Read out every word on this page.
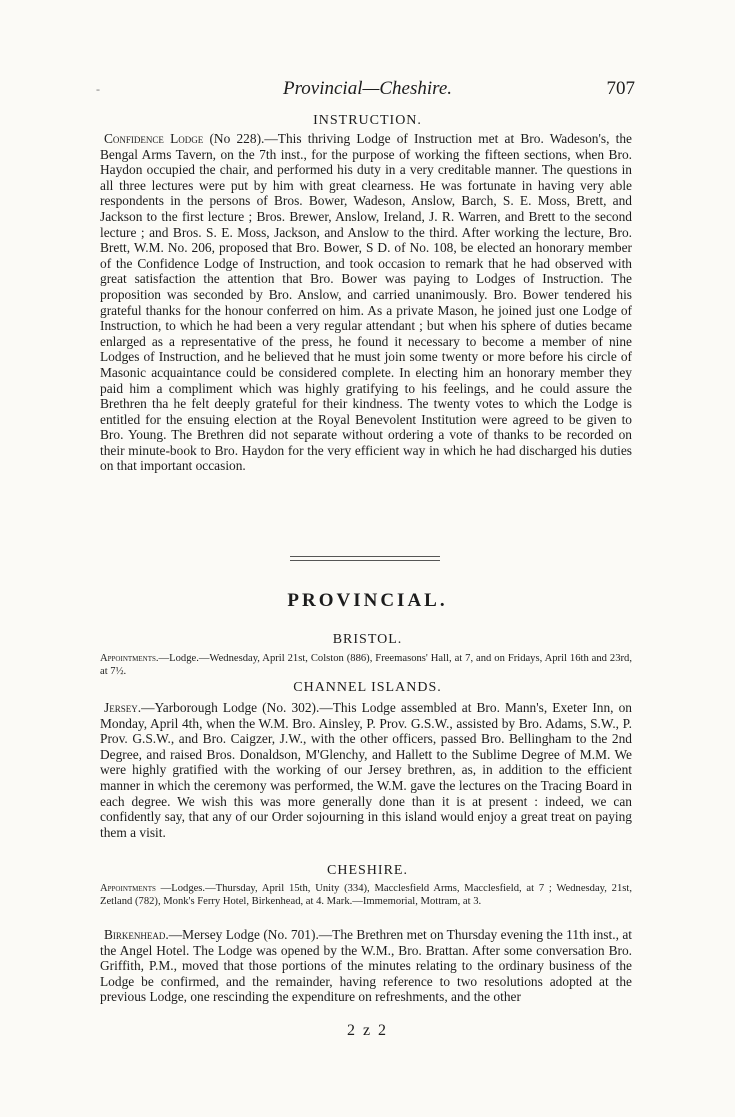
-	Provincial—Cheshire.	707
INSTRUCTION.

Confidence Lodge (No 228).—This thriving Lodge of Instruction met at Bro. Wadeson's, the Bengal Arms Tavern, on the 7th inst., for the purpose of working the fifteen sections, when Bro. Haydon occupied the chair, and performed his duty in a very creditable manner. The questions in all three lectures were put by him with great clearness. He was fortunate in having very able respondents in the persons of Bros. Bower, Wadeson, Anslow, Barch, S. E. Moss, Brett, and Jackson to the first lecture ; Bros. Brewer, Anslow, Ireland, J. R. Warren, and Brett to the second lecture ; and Bros. S. E. Moss, Jackson, and Anslow to the third. After working the lecture, Bro. Brett, W.M. No. 206, proposed that Bro. Bower, S D. of No. 108, be elected an honorary member of the Confidence Lodge of Instruction, and took occasion to remark that he had observed with great satisfaction the attention that Bro. Bower was paying to Lodges of Instruction. The proposition was seconded by Bro. Anslow, and carried unanimously. Bro. Bower tendered his grateful thanks for the honour conferred on him. As a private Mason, he joined just one Lodge of Instruction, to which he had been a very regular attendant ; but when his sphere of duties became enlarged as a representative of the press, he found it necessary to become a member of nine Lodges of Instruction, and he believed that he must join some twenty or more before his circle of Masonic acquaintance could be considered complete. In electing him an honorary member they paid him a compliment which was highly gratifying to his feelings, and he could assure the Brethren tha he felt deeply grateful for their kindness. The twenty votes to which the Lodge is entitled for the ensuing election at the Royal Benevolent Institution were agreed to be given to Bro. Young. The Brethren did not separate without ordering a vote of thanks to be recorded on their minute-book to Bro. Haydon for the very efficient way in which he had discharged his duties on that important occasion.

PROVINCIAL.
BRISTOL.
Appointments.—Lodge.—Wednesday, April 21st, Colston (886), Freemasons' Hall, at 7, and on Fridays, April 16th and 23rd, at 7½.
CHANNEL ISLANDS.

Jersey.—Yarborough Lodge (No. 302).—This Lodge assembled at Bro. Mann's, Exeter Inn, on Monday, April 4th, when the W.M. Bro. Ainsley, P. Prov. G.S.W., assisted by Bro. Adams, S.W., P. Prov. G.S.W., and Bro. Caigzer, J.W., with the other officers, passed Bro. Bellingham to the 2nd Degree, and raised Bros. Donaldson, M'Glenchy, and Hallett to the Sublime Degree of M.M. We were highly gratified with the working of our Jersey brethren, as, in addition to the efficient manner in which the ceremony was performed, the W.M. gave the lectures on the Tracing Board in each degree. We wish this was more generally done than it is at present : indeed, we can confidently say, that any of our Order sojourning in this island would enjoy a great treat on paying them a visit.

CHESHIRE.
Appointments —Lodges.—Thursday, April 15th, Unity (334), Macclesfield Arms, Macclesfield, at 7 ; Wednesday, 21st, Zetland (782), Monk's Ferry Hotel, Birkenhead, at 4. Mark.—Immemorial, Mottram, at 3.

Birkenhead.—Mersey Lodge (No. 701).—The Brethren met on Thursday evening the 11th inst., at the Angel Hotel. The Lodge was opened by the W.M., Bro. Brattan. After some conversation Bro. Griffith, P.M., moved that those portions of the minutes relating to the ordinary business of the Lodge be confirmed, and the remainder, having reference to two resolutions adopted at the previous Lodge, one rescinding the expenditure on refreshments, and the other

2 z 2
